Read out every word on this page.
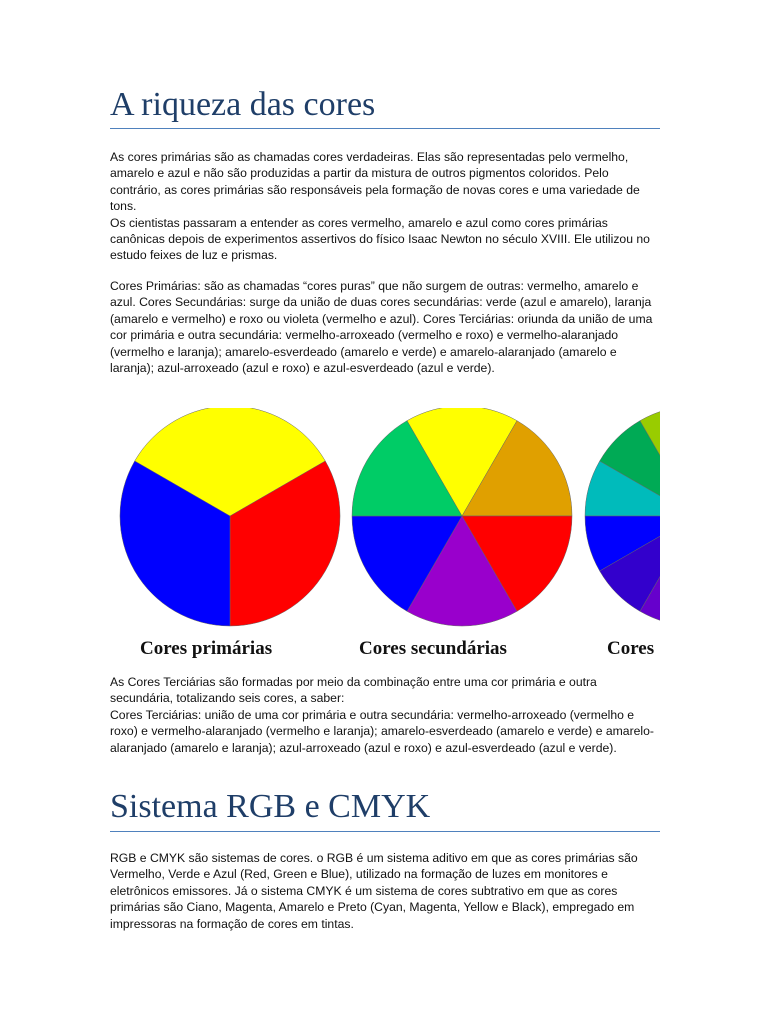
A riqueza das cores

As cores primárias são as chamadas cores verdadeiras. Elas são representadas pelo vermelho, amarelo e azul e não são produzidas a partir da mistura de outros pigmentos coloridos. Pelo contrário, as cores primárias são responsáveis pela formação de novas cores e uma variedade de tons.

Os cientistas passaram a entender as cores vermelho, amarelo e azul como cores primárias canônicas depois de experimentos assertivos do físico Isaac Newton no século XVIII. Ele utilizou no estudo feixes de luz e prismas.

Cores Primárias: são as chamadas “cores puras” que não surgem de outras: vermelho, amarelo e azul. Cores Secundárias: surge da união de duas cores secundárias: verde (azul e amarelo), laranja (amarelo e vermelho) e roxo ou violeta (vermelho e azul). Cores Terciárias: oriunda da união de uma cor primária e outra secundária: vermelho-arroxeado (vermelho e roxo) e vermelho-alaranjado (vermelho e laranja); amarelo-esverdeado (amarelo e verde) e amarelo-alaranjado (amarelo e laranja); azul-arroxeado (azul e roxo) e azul-esverdeado (azul e verde).

Cores primárias	Cores secundárias	Cores

As Cores Terciárias são formadas por meio da combinação entre uma cor primária e outra secundária, totalizando seis cores, a saber:

Cores Terciárias: união de uma cor primária e outra secundária: vermelho-arroxeado (vermelho e roxo) e vermelho-alaranjado (vermelho e laranja); amarelo-esverdeado (amarelo e verde) e amarelo-alaranjado (amarelo e laranja); azul-arroxeado (azul e roxo) e azul-esverdeado (azul e verde).

Sistema RGB e CMYK

RGB e CMYK são sistemas de cores. o RGB é um sistema aditivo em que as cores primárias são Vermelho, Verde e Azul (Red, Green e Blue), utilizado na formação de luzes em monitores e eletrônicos emissores. Já o sistema CMYK é um sistema de cores subtrativo em que as cores primárias são Ciano, Magenta, Amarelo e Preto (Cyan, Magenta, Yellow e Black), empregado em impressoras na formação de cores em tintas.
